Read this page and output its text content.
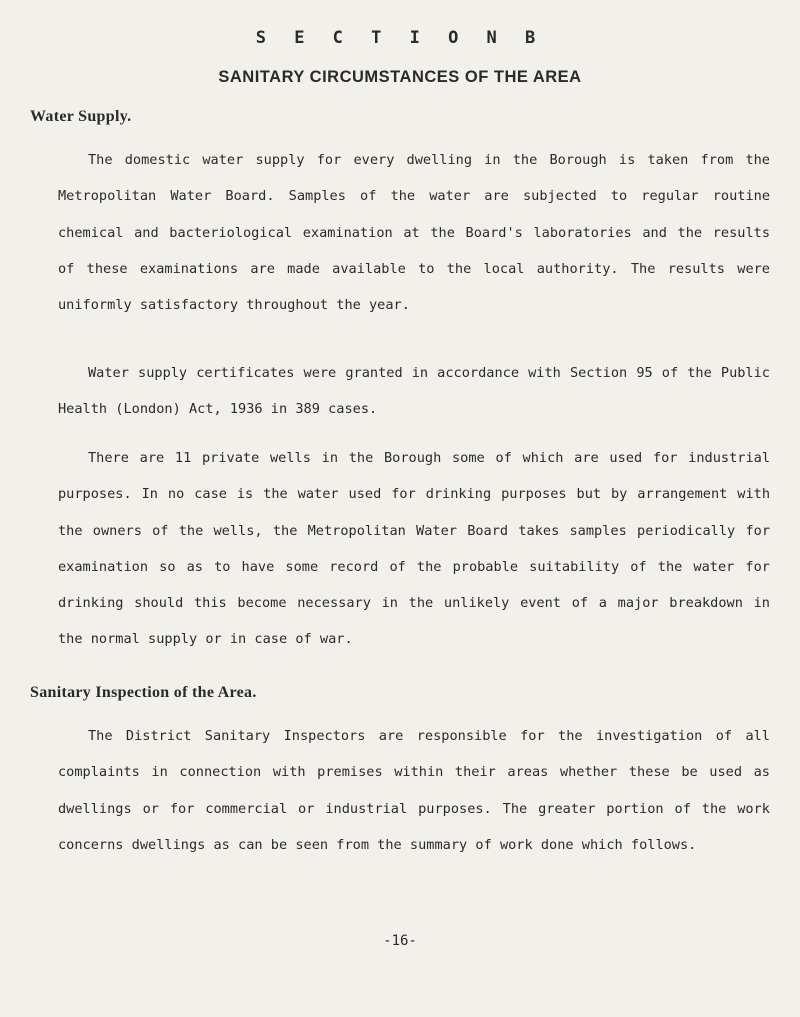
S E C T I O N B
SANITARY CIRCUMSTANCES OF THE AREA
Water Supply.

The domestic water supply for every dwelling in the Borough is taken from the Metropolitan Water Board. Samples of the water are subjected to regular routine chemical and bacteriological examination at the Board's laboratories and the results of these examinations are made available to the local authority. The results were uniformly satisfactory throughout the year.

Water supply certificates were granted in accordance with Section 95 of the Public Health (London) Act, 1936 in 389 cases.

There are 11 private wells in the Borough some of which are used for industrial purposes. In no case is the water used for drinking purposes but by arrangement with the owners of the wells, the Metropolitan Water Board takes samples periodically for examination so as to have some record of the probable suitability of the water for drinking should this become necessary in the unlikely event of a major breakdown in the normal supply or in case of war.

Sanitary Inspection of the Area.

The District Sanitary Inspectors are responsible for the investigation of all complaints in connection with premises within their areas whether these be used as dwellings or for commercial or industrial purposes. The greater portion of the work concerns dwellings as can be seen from the summary of work done which follows.

-16-
